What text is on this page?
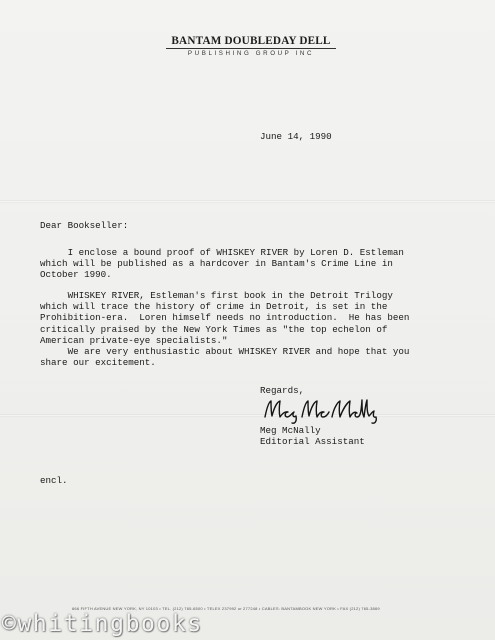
BANTAM DOUBLEDAY DELL
PUBLISHING GROUP INC
June 14, 1990
Dear Bookseller:
I enclose a bound proof of WHISKEY RIVER by Loren D. Estleman
which will be published as a hardcover in Bantam's Crime Line in
October 1990.
WHISKEY RIVER, Estleman's first book in the Detroit Trilogy
which will trace the history of crime in Detroit, is set in the
Prohibition-era.  Loren himself needs no introduction.  He has been
critically praised by the New York Times as "the top echelon of
American private-eye specialists."
We are very enthusiastic about WHISKEY RIVER and hope that you
share our excitement.
Regards,
Meg McNally
Editorial Assistant
encl.
666 FIFTH AVENUE NEW YORK, NY 10103 • TEL. (212) 765-6500 • TELEX 237992 or 277248 • CABLES: BANTAMBOOK NEW YORK • FAX (212) 765-3869
©whitingbooks
